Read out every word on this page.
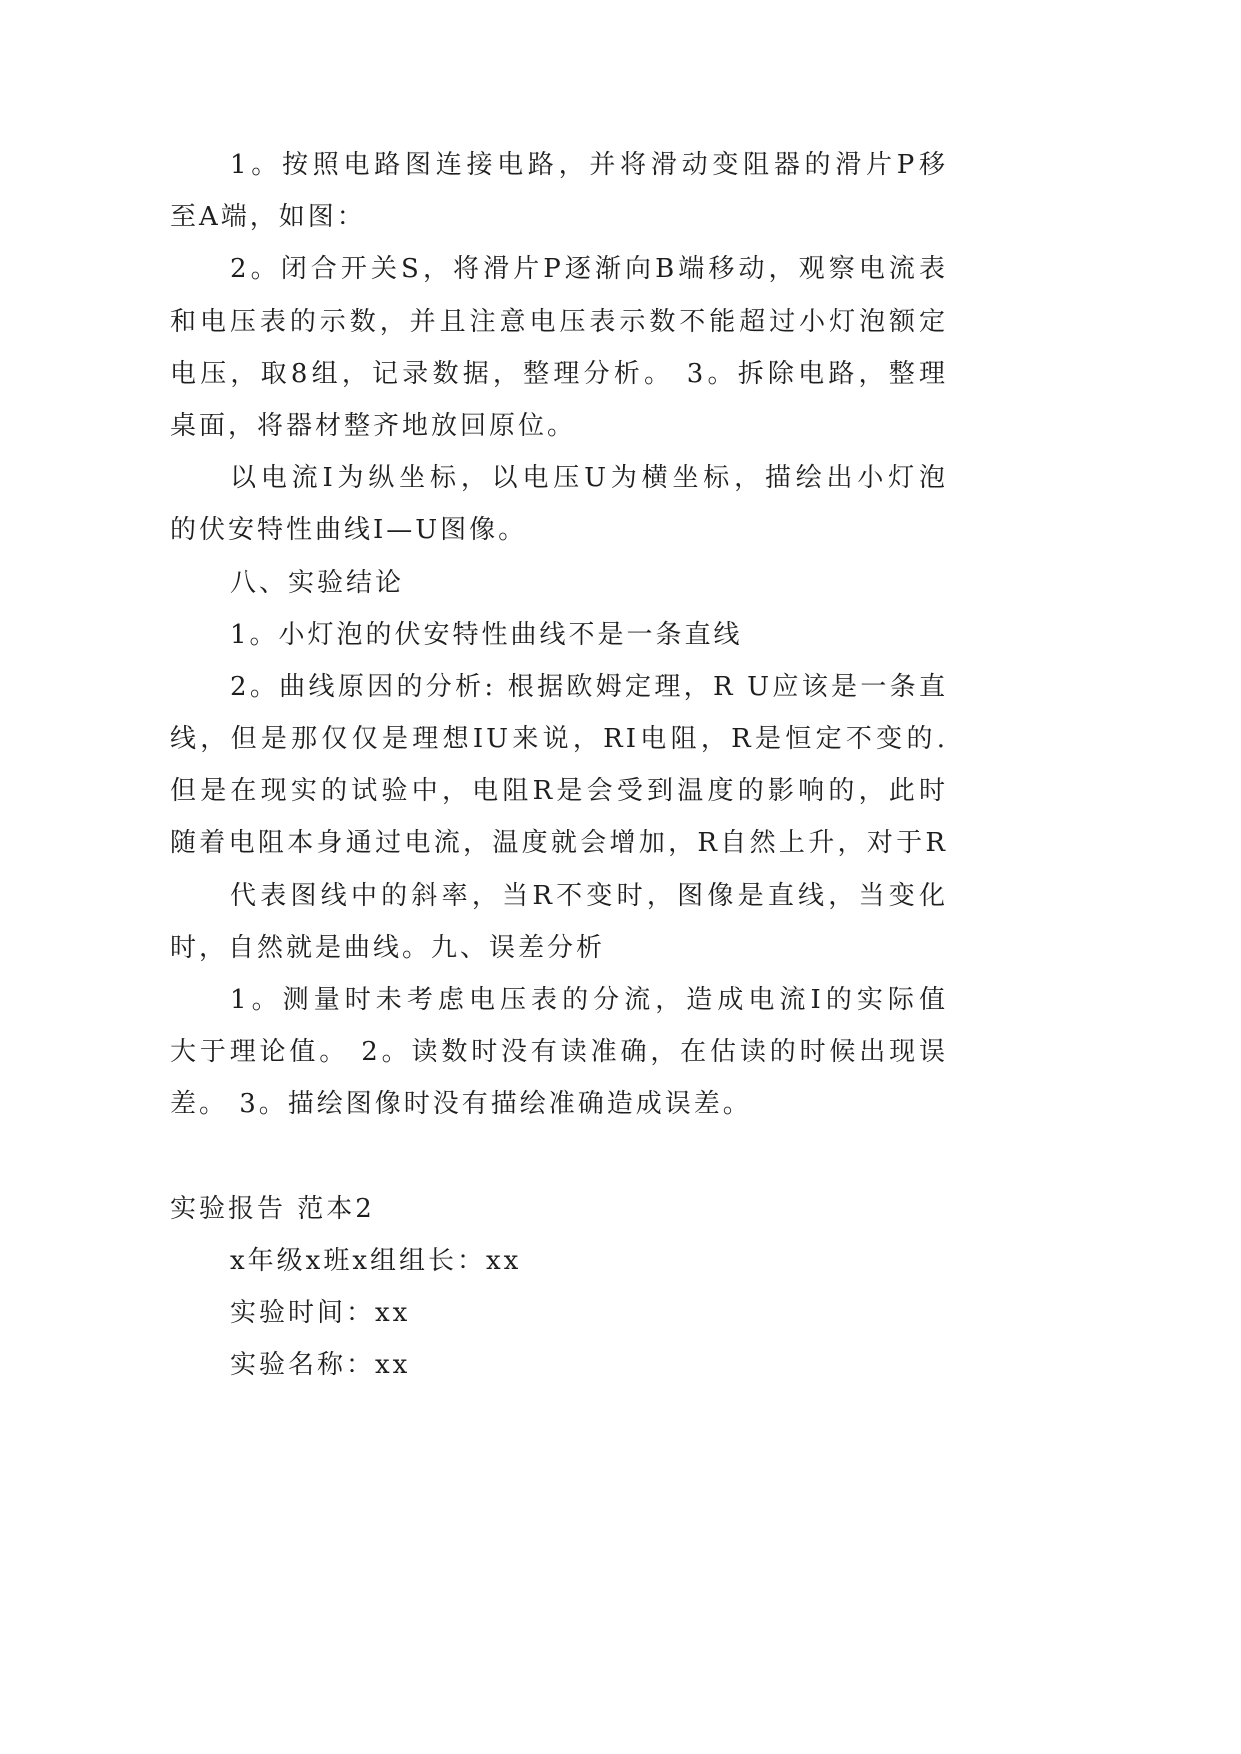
1。按照电路图连接电路，并将滑动变阻器的滑片P移
至A端，如图：
2。闭合开关S，将滑片P逐渐向B端移动，观察电流表
和电压表的示数，并且注意电压表示数不能超过小灯泡额定
电压，取8组，记录数据，整理分析。 3。拆除电路，整理
桌面，将器材整齐地放回原位。
以电流I为纵坐标，以电压U为横坐标，描绘出小灯泡
的伏安特性曲线I—U图像。
八、实验结论
1。小灯泡的伏安特性曲线不是一条直线
2。曲线原因的分析: 根据欧姆定理，R U应该是一条直
线，但是那仅仅是理想IU来说，RI电阻，R是恒定不变的.
但是在现实的试验中，电阻R是会受到温度的影响的，此时
随着电阻本身通过电流，温度就会增加，R自然上升，对于R
代表图线中的斜率，当R不变时，图像是直线，当变化
时，自然就是曲线。九、误差分析
1。测量时未考虑电压表的分流，造成电流I的实际值
大于理论值。 2。读数时没有读准确，在估读的时候出现误
差。 3。描绘图像时没有描绘准确造成误差。
实验报告 范本2
x年级x班x组组长：xx
实验时间：xx
实验名称：xx
